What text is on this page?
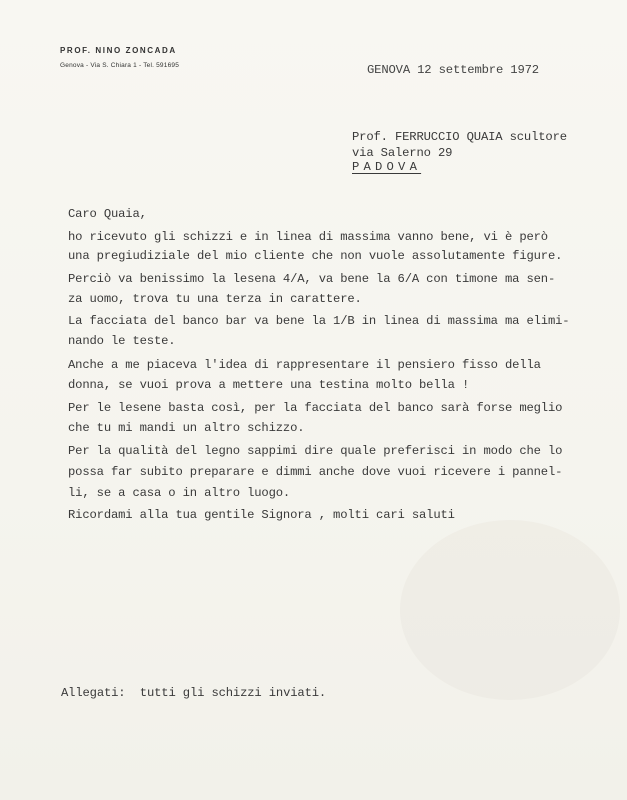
PROF. NINO ZONCADA
Genova - Via S. Chiara 1 - Tel. 591695	GENOVA 12 settembre 1972
Prof. FERRUCCIO QUAIA scultore
via Salerno 29
PADOVA
Caro Quaia,
ho ricevuto gli schizzi e in linea di massima vanno bene, vi è però
una pregiudiziale del mio cliente che non vuole assolutamente figure.
Perciò va benissimo la lesena 4/A, va bene la 6/A con timone ma sen-
za uomo, trova tu una terza in carattere.
La facciata del banco bar va bene la 1/B in linea di massima ma elimi-
nando le teste.
Anche a me piaceva l'idea di rappresentare il pensiero fisso della
donna, se vuoi prova a mettere una testina molto bella !
Per le lesene basta così, per la facciata del banco sarà forse meglio
che tu mi mandi un altro schizzo.
Per la qualità del legno sappimi dire quale preferisci in modo che lo
possa far subito preparare e dimmi anche dove vuoi ricevere i pannel-
li, se a casa o in altro luogo.
Ricordami alla tua gentile Signora , molti cari saluti
Allegati:  tutti gli schizzi inviati.
